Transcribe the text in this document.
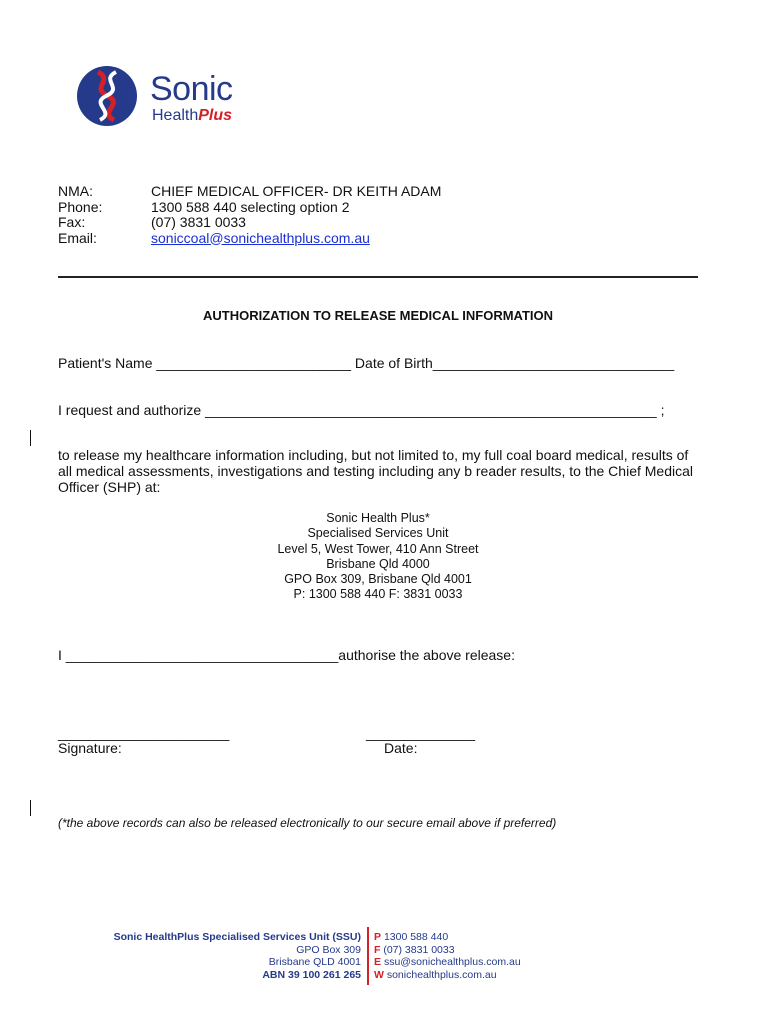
Sonic
HealthPlus
NMA:	CHIEF MEDICAL OFFICER- DR KEITH ADAM
Phone:	1300 588 440 selecting option 2
Fax:	(07) 3831 0033
Email:	soniccoal@sonichealthplus.com.au
AUTHORIZATION TO RELEASE MEDICAL INFORMATION
Patient's Name _________________________ Date of Birth_______________________________
I request and authorize __________________________________________________________ ;
to release my healthcare information including, but not limited to, my full coal board medical, results of all medical assessments, investigations and testing including any b reader results, to the Chief Medical Officer (SHP) at:
Sonic Health Plus*
Specialised Services Unit
Level 5, West Tower, 410 Ann Street
Brisbane Qld 4000
GPO Box 309, Brisbane Qld 4001
P: 1300 588 440 F: 3831 0033
I ___________________________________authorise the above release:
______________________
Signature:
______________
Date:
(*the above records can also be released electronically to our secure email above if preferred)
Sonic HealthPlus Specialised Services Unit (SSU)
GPO Box 309
Brisbane QLD 4001
ABN 39 100 261 265
P 1300 588 440
F (07) 3831 0033
E ssu@sonichealthplus.com.au
W sonichealthplus.com.au
